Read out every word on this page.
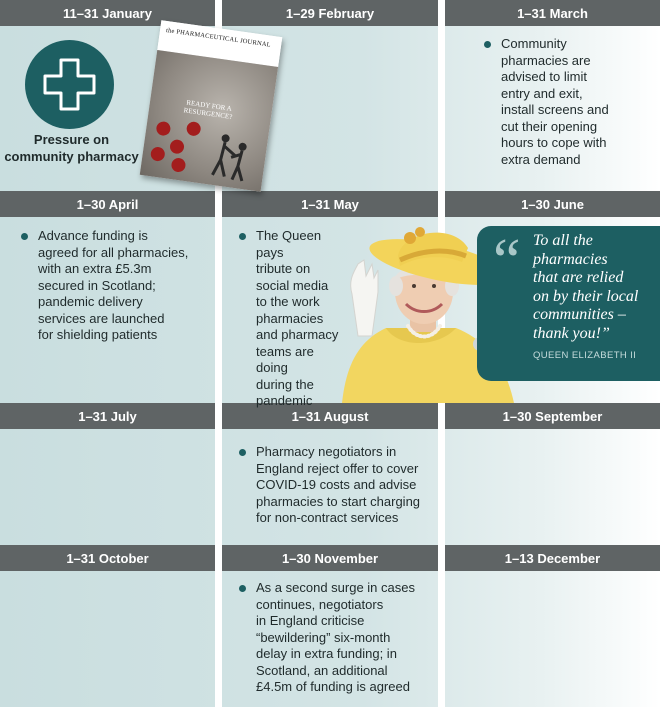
11–31 January	1–29 February	1–31 March
1–30 April	1–31 May	1–30 June
1–31 July	1–31 August	1–30 September
1–31 October	1–30 November	1–13 December
Pressure on
community pharmacy
the PHARMACEUTICAL JOURNAL
READY FOR A RESURGENCE?
Community
pharmacies are
advised to limit
entry and exit,
install screens and
cut their opening
hours to cope with
extra demand
Advance funding is
agreed for all pharmacies,
with an extra £5.3m
secured in Scotland;
pandemic delivery
services are launched
for shielding patients
The Queen pays
tribute on
social media
to the work
pharmacies
and pharmacy
teams are
doing
during the
pandemic
“ To all the
pharmacies
that are relied
on by their local
communities –
thank you!”
QUEEN ELIZABETH II
Pharmacy negotiators in
England reject offer to cover
COVID-19 costs and advise
pharmacies to start charging
for non-contract services
As a second surge in cases
continues, negotiators
in England criticise
“bewildering” six-month
delay in extra funding; in
Scotland, an additional
£4.5m of funding is agreed
